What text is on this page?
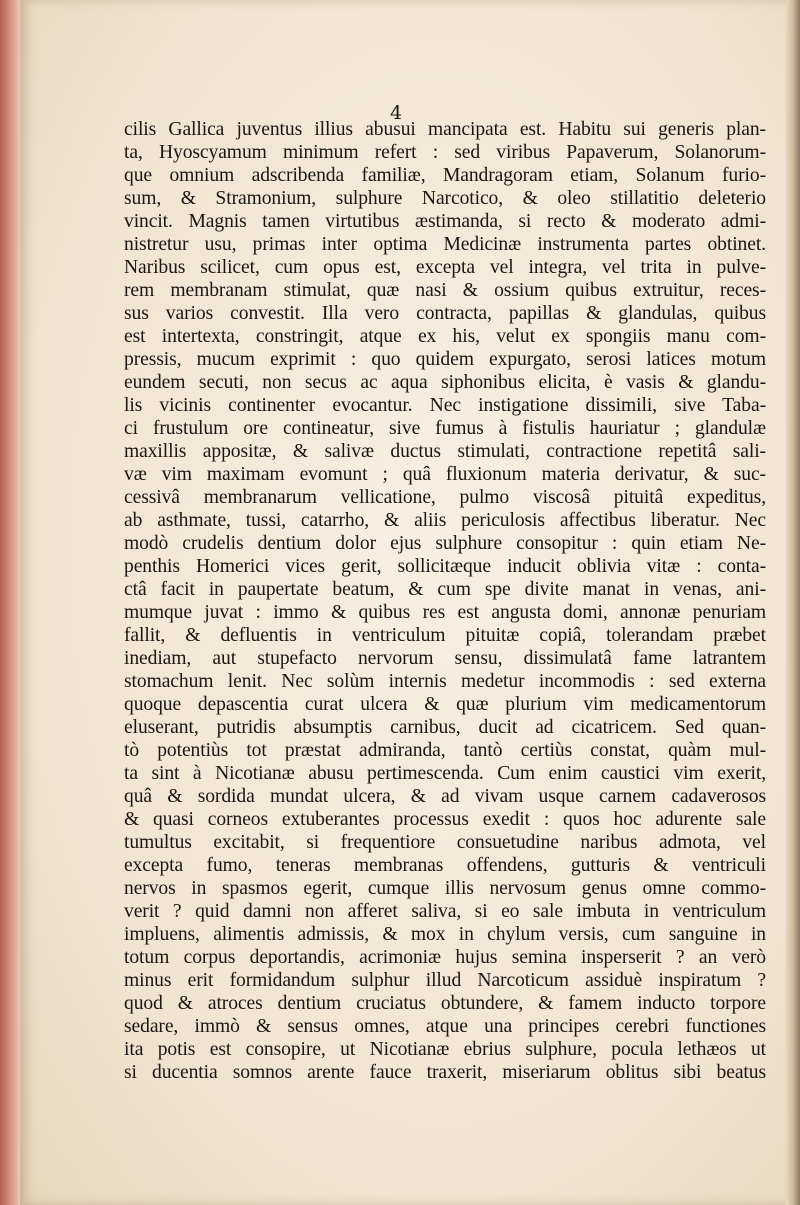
4
cilis Gallica juventus illius abusui mancipata est. Habitu sui generis plan-
ta, Hyoscyamum minimum refert : sed viribus Papaverum, Solanorum-
que omnium adscribenda familiæ, Mandragoram etiam, Solanum furio-
sum, & Stramonium, sulphure Narcotico, & oleo stillatitio deleterio
vincit. Magnis tamen virtutibus æstimanda, si recto & moderato admi-
nistretur usu, primas inter optima Medicinæ instrumenta partes obtinet.
Naribus scilicet, cum opus est, excepta vel integra, vel trita in pulve-
rem membranam stimulat, quæ nasi & ossium quibus extruitur, reces-
sus varios convestit. Illa vero contracta, papillas & glandulas, quibus
est intertexta, constringit, atque ex his, velut ex spongiis manu com-
pressis, mucum exprimit : quo quidem expurgato, serosi latices motum
eundem secuti, non secus ac aqua siphonibus elicita, è vasis & glandu-
lis vicinis continenter evocantur. Nec instigatione dissimili, sive Taba-
ci frustulum ore contineatur, sive fumus à fistulis hauriatur ; glandulæ
maxillis appositæ, & salivæ ductus stimulati, contractione repetitâ sali-
væ vim maximam evomunt ; quâ fluxionum materia derivatur, & suc-
cessivâ membranarum vellicatione, pulmo viscosâ pituitâ expeditus,
ab asthmate, tussi, catarrho, & aliis periculosis affectibus liberatur. Nec
modò crudelis dentium dolor ejus sulphure consopitur : quin etiam Ne-
penthis Homerici vices gerit, sollicitæque inducit oblivia vitæ : conta-
ctâ facit in paupertate beatum, & cum spe divite manat in venas, ani-
mumque juvat : immo & quibus res est angusta domi, annonæ penuriam
fallit, & defluentis in ventriculum pituitæ copiâ, tolerandam præbet
inediam, aut stupefacto nervorum sensu, dissimulatâ fame latrantem
stomachum lenit. Nec solùm internis medetur incommodis : sed externa
quoque depascentia curat ulcera & quæ plurium vim medicamentorum
eluserant, putridis absumptis carnibus, ducit ad cicatricem. Sed quan-
tò potentiùs tot præstat admiranda, tantò certiùs constat, quàm mul-
ta sint à Nicotianæ abusu pertimescenda. Cum enim caustici vim exerit,
quâ & sordida mundat ulcera, & ad vivam usque carnem cadaverosos
& quasi corneos extuberantes processus exedit : quos hoc adurente sale
tumultus excitabit, si frequentiore consuetudine naribus admota, vel
excepta fumo, teneras membranas offendens, gutturis & ventriculi
nervos in spasmos egerit, cumque illis nervosum genus omne commo-
verit ? quid damni non afferet saliva, si eo sale imbuta in ventriculum
impluens, alimentis admissis, & mox in chylum versis, cum sanguine in
totum corpus deportandis, acrimoniæ hujus semina insperserit ? an verò
minus erit formidandum sulphur illud Narcoticum assiduè inspiratum ?
quod & atroces dentium cruciatus obtundere, & famem inducto torpore
sedare, immò & sensus omnes, atque una principes cerebri functiones
ita potis est consopire, ut Nicotianæ ebrius sulphure, pocula lethæos ut
si ducentia somnos arente fauce traxerit, miseriarum oblitus sibi beatus
